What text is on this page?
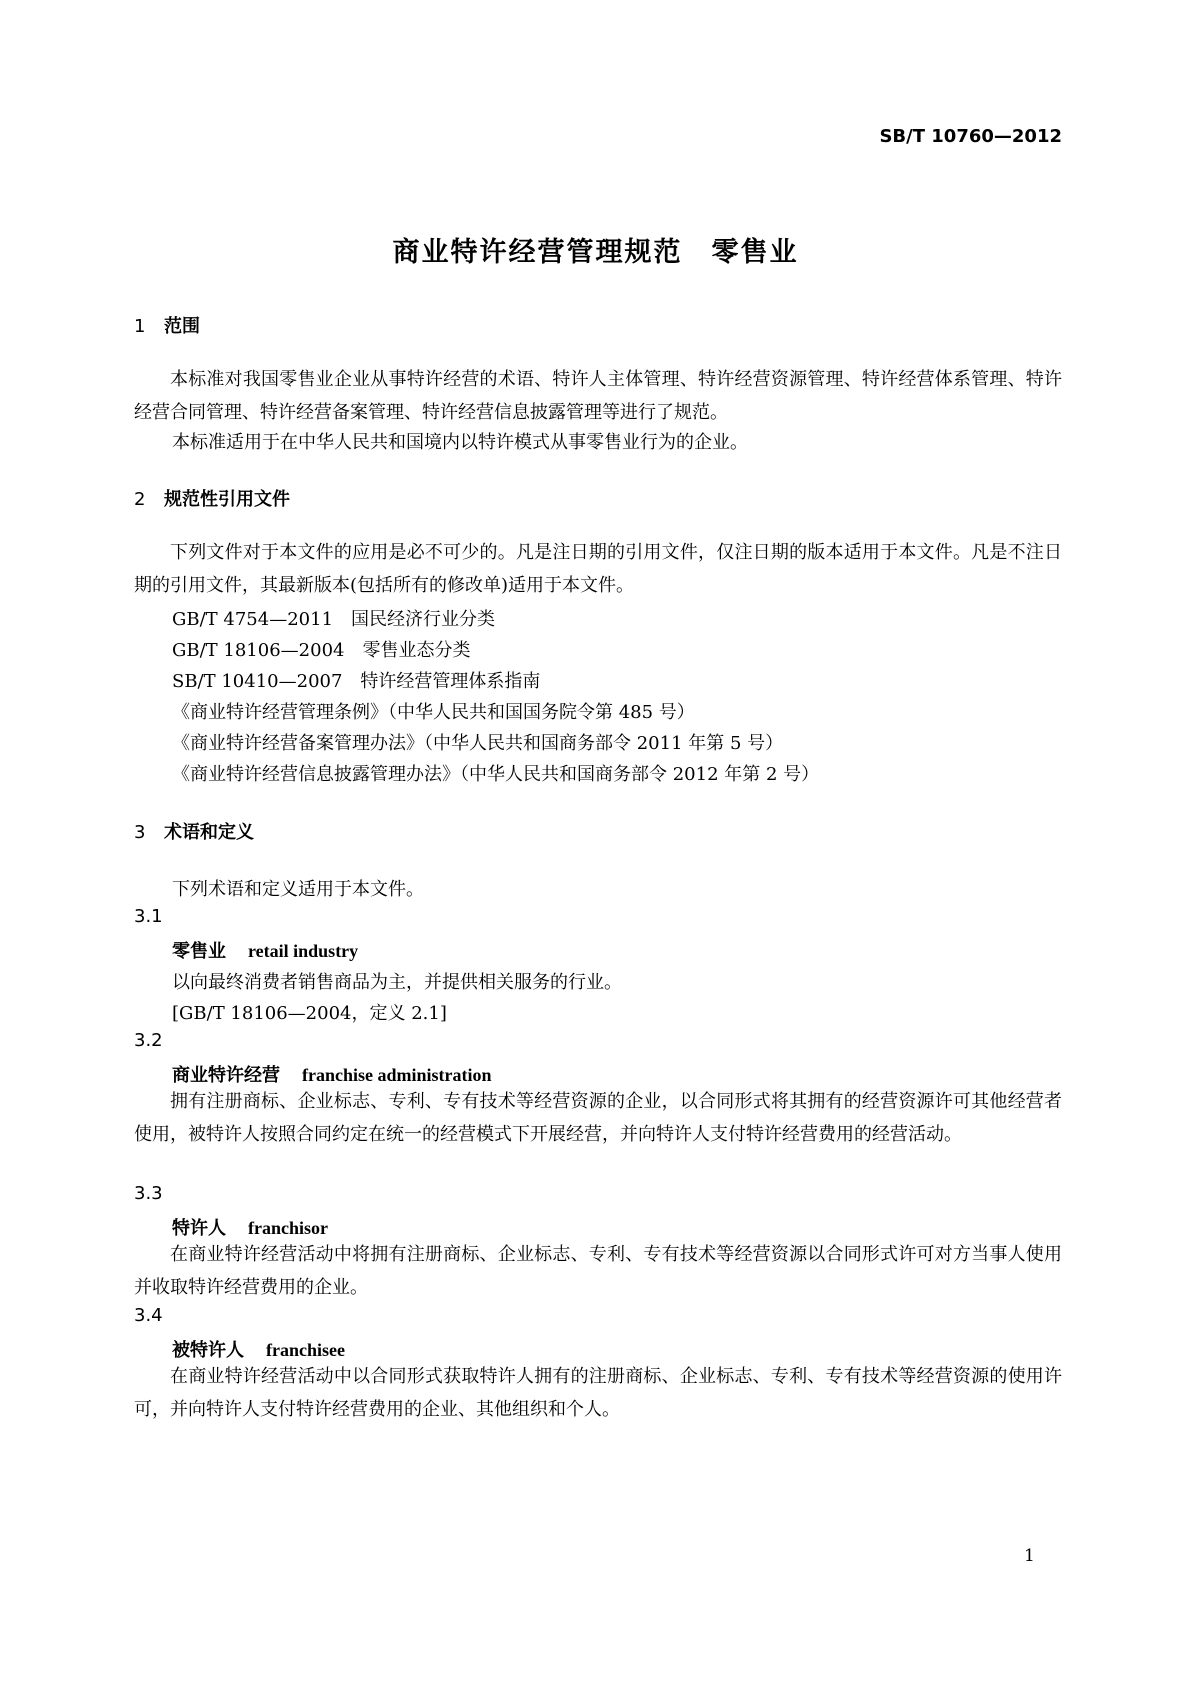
SB/T 10760—2012
商业特许经营管理规范　零售业
1 范围
本标准对我国零售业企业从事特许经营的术语、特许人主体管理、特许经营资源管理、特许经营体系管理、特许经营合同管理、特许经营备案管理、特许经营信息披露管理等进行了规范。
本标准适用于在中华人民共和国境内以特许模式从事零售业行为的企业。
2 规范性引用文件
下列文件对于本文件的应用是必不可少的。凡是注日期的引用文件，仅注日期的版本适用于本文件。凡是不注日期的引用文件，其最新版本(包括所有的修改单)适用于本文件。
GB/T 4754—2011　国民经济行业分类
GB/T 18106—2004　零售业态分类
SB/T 10410—2007　特许经营管理体系指南
《商业特许经营管理条例》（中华人民共和国国务院令第 485 号）
《商业特许经营备案管理办法》（中华人民共和国商务部令 2011 年第 5 号）
《商业特许经营信息披露管理办法》（中华人民共和国商务部令 2012 年第 2 号）
3 术语和定义
下列术语和定义适用于本文件。
3.1
零售业 retail industry
以向最终消费者销售商品为主，并提供相关服务的行业。
[GB/T 18106—2004，定义 2.1]
3.2
商业特许经营 franchise administration
拥有注册商标、企业标志、专利、专有技术等经营资源的企业，以合同形式将其拥有的经营资源许可其他经营者使用，被特许人按照合同约定在统一的经营模式下开展经营，并向特许人支付特许经营费用的经营活动。
3.3
特许人 franchisor
在商业特许经营活动中将拥有注册商标、企业标志、专利、专有技术等经营资源以合同形式许可对方当事人使用并收取特许经营费用的企业。
3.4
被特许人 franchisee
在商业特许经营活动中以合同形式获取特许人拥有的注册商标、企业标志、专利、专有技术等经营资源的使用许可，并向特许人支付特许经营费用的企业、其他组织和个人。
1
